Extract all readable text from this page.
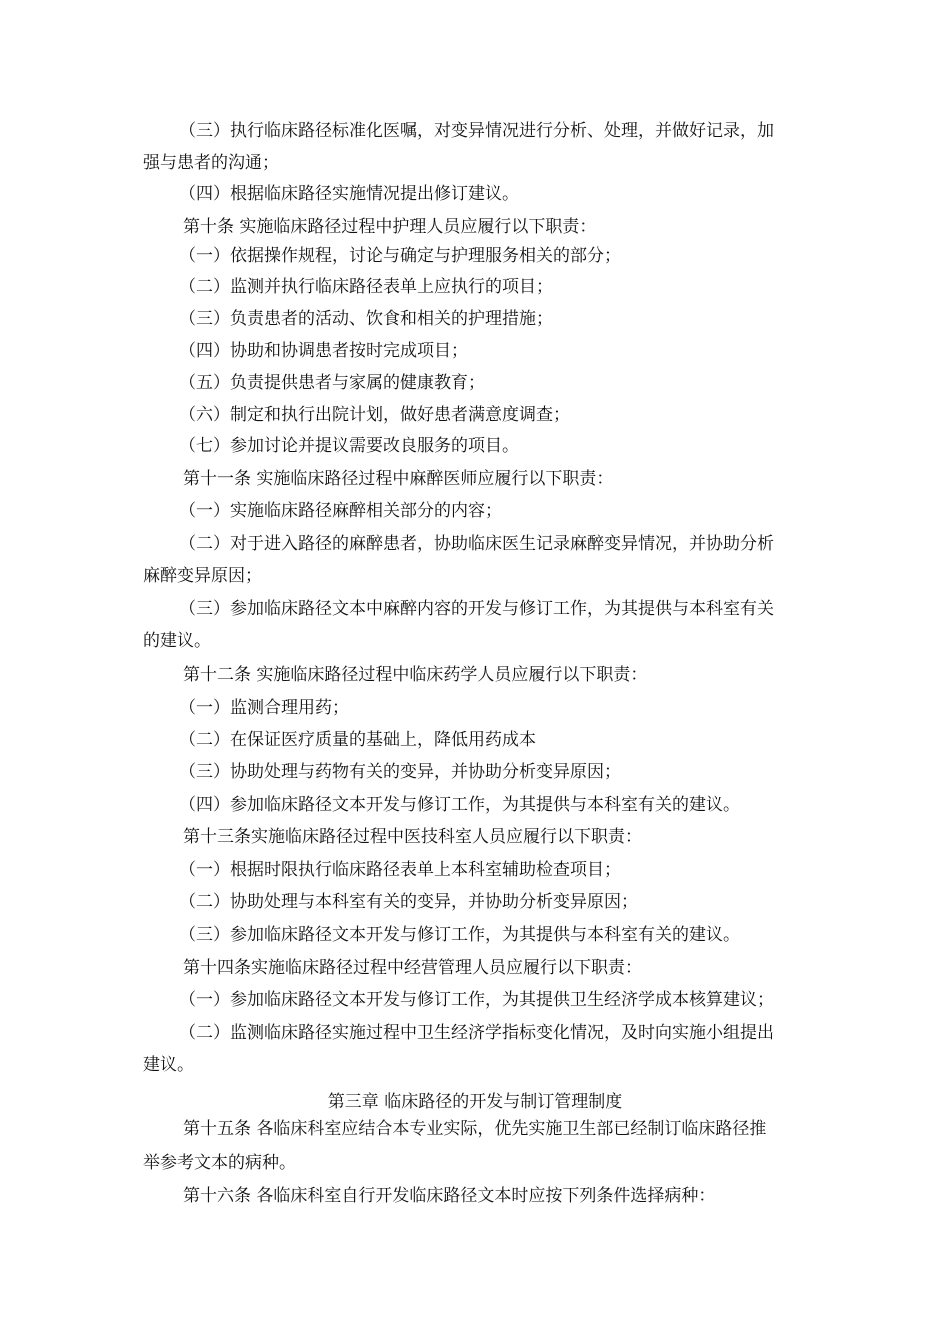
（三）执行临床路径标准化医嘱，对变异情况进行分析、处理，并做好记录，加
强与患者的沟通；
（四）根据临床路径实施情况提出修订建议。
第十条 实施临床路径过程中护理人员应履行以下职责：
（一）依据操作规程，讨论与确定与护理服务相关的部分；
（二）监测并执行临床路径表单上应执行的项目；
（三）负责患者的活动、饮食和相关的护理措施；
（四）协助和协调患者按时完成项目；
（五）负责提供患者与家属的健康教育；
（六）制定和执行出院计划，做好患者满意度调查；
（七）参加讨论并提议需要改良服务的项目。
第十一条 实施临床路径过程中麻醉医师应履行以下职责：
（一）实施临床路径麻醉相关部分的内容；
（二）对于进入路径的麻醉患者，协助临床医生记录麻醉变异情况，并协助分析
麻醉变异原因；
（三）参加临床路径文本中麻醉内容的开发与修订工作，为其提供与本科室有关
的建议。
第十二条 实施临床路径过程中临床药学人员应履行以下职责：
（一）监测合理用药；
（二）在保证医疗质量的基础上，降低用药成本
（三）协助处理与药物有关的变异，并协助分析变异原因；
（四）参加临床路径文本开发与修订工作，为其提供与本科室有关的建议。
第十三条实施临床路径过程中医技科室人员应履行以下职责：
（一）根据时限执行临床路径表单上本科室辅助检查项目；
（二）协助处理与本科室有关的变异，并协助分析变异原因；
（三）参加临床路径文本开发与修订工作，为其提供与本科室有关的建议。
第十四条实施临床路径过程中经营管理人员应履行以下职责：
（一）参加临床路径文本开发与修订工作，为其提供卫生经济学成本核算建议；
（二）监测临床路径实施过程中卫生经济学指标变化情况，及时向实施小组提出
建议。
第三章 临床路径的开发与制订管理制度
第十五条 各临床科室应结合本专业实际，优先实施卫生部已经制订临床路径推
举参考文本的病种。
第十六条 各临床科室自行开发临床路径文本时应按下列条件选择病种：
